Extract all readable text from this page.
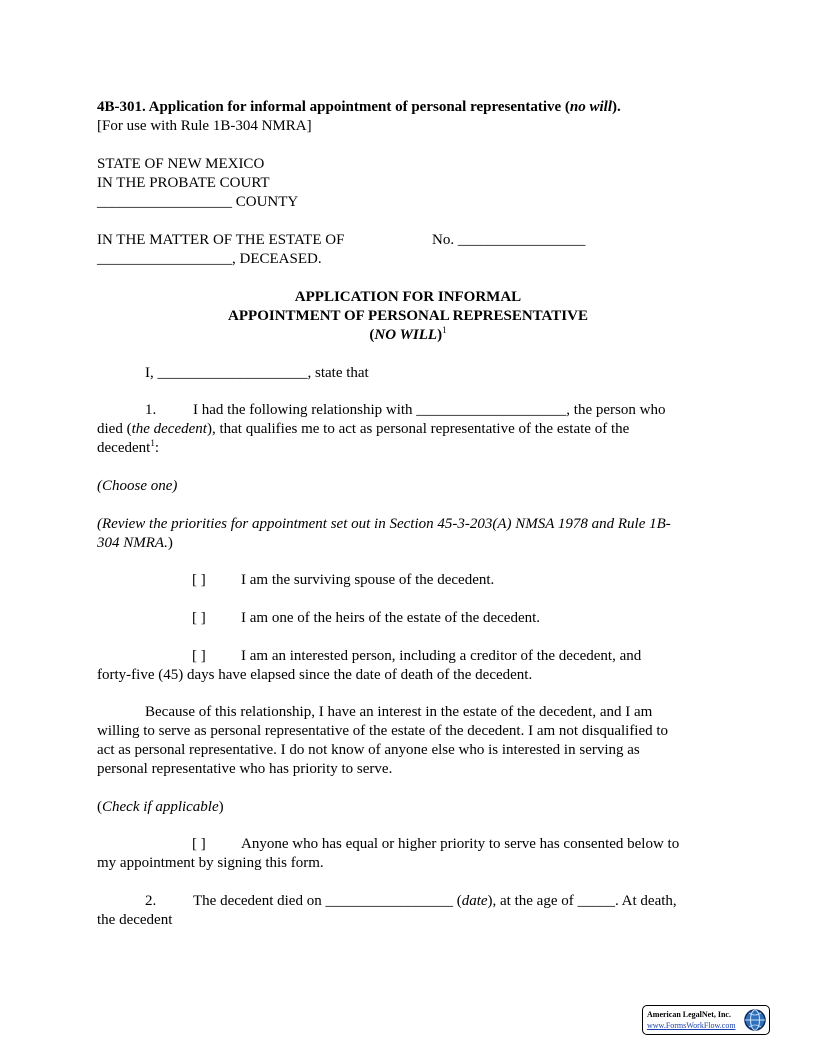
4B-301. Application for informal appointment of personal representative (no will).
[For use with Rule 1B-304 NMRA]
STATE OF NEW MEXICO
IN THE PROBATE COURT
__________________ COUNTY
IN THE MATTER OF THE ESTATE OF	No. _________________
__________________, DECEASED.
APPLICATION FOR INFORMAL
APPOINTMENT OF PERSONAL REPRESENTATIVE
(NO WILL)$^1$
I, ____________________, state that
1. I had the following relationship with ____________________, the person who
died (the decedent), that qualifies me to act as personal representative of the estate of the
decedent$^1$:
(Choose one)
(Review the priorities for appointment set out in Section 45-3-203(A) NMSA 1978 and Rule 1B-
304 NMRA.)
[ ] I am the surviving spouse of the decedent.
[ ] I am one of the heirs of the estate of the decedent.
[ ] I am an interested person, including a creditor of the decedent, and
forty-five (45) days have elapsed since the date of death of the decedent.
Because of this relationship, I have an interest in the estate of the decedent, and I am
willing to serve as personal representative of the estate of the decedent. I am not disqualified to
act as personal representative. I do not know of anyone else who is interested in serving as
personal representative who has priority to serve.
(Check if applicable)
[ ] Anyone who has equal or higher priority to serve has consented below to
my appointment by signing this form.
2. The decedent died on _________________ (date), at the age of _____. At death,
the decedent
American LegalNet, Inc.
www.FormsWorkFlow.com
